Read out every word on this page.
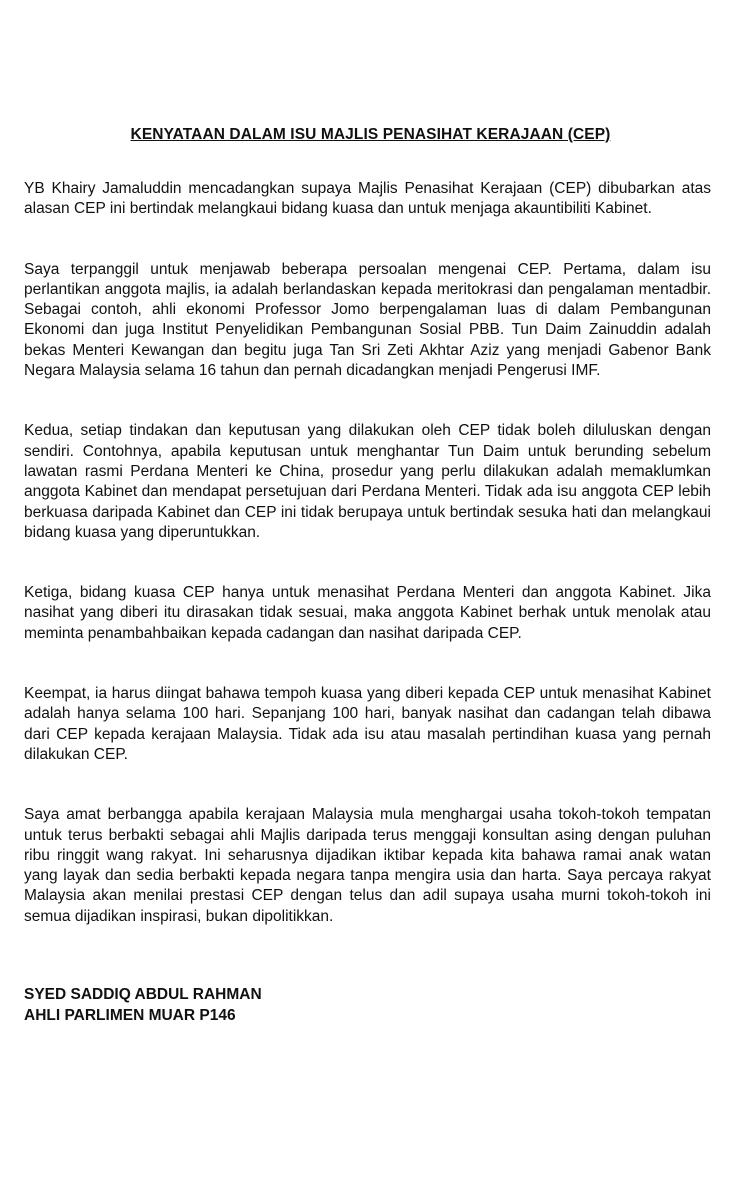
KENYATAAN DALAM ISU MAJLIS PENASIHAT KERAJAAN (CEP)

YB Khairy Jamaluddin mencadangkan supaya Majlis Penasihat Kerajaan (CEP) dibubarkan atas alasan CEP ini bertindak melangkaui bidang kuasa dan untuk menjaga akauntibiliti Kabinet.

Saya terpanggil untuk menjawab beberapa persoalan mengenai CEP. Pertama, dalam isu perlantikan anggota majlis, ia adalah berlandaskan kepada meritokrasi dan pengalaman mentadbir. Sebagai contoh, ahli ekonomi Professor Jomo berpengalaman luas di dalam Pembangunan Ekonomi dan juga Institut Penyelidikan Pembangunan Sosial PBB. Tun Daim Zainuddin adalah bekas Menteri Kewangan dan begitu juga Tan Sri Zeti Akhtar Aziz yang menjadi Gabenor Bank Negara Malaysia selama 16 tahun dan pernah dicadangkan menjadi Pengerusi IMF.

Kedua, setiap tindakan dan keputusan yang dilakukan oleh CEP tidak boleh diluluskan dengan sendiri. Contohnya, apabila keputusan untuk menghantar Tun Daim untuk berunding sebelum lawatan rasmi Perdana Menteri ke China, prosedur yang perlu dilakukan adalah memaklumkan anggota Kabinet dan mendapat persetujuan dari Perdana Menteri. Tidak ada isu anggota CEP lebih berkuasa daripada Kabinet dan CEP ini tidak berupaya untuk bertindak sesuka hati dan melangkaui bidang kuasa yang diperuntukkan.

Ketiga, bidang kuasa CEP hanya untuk menasihat Perdana Menteri dan anggota Kabinet. Jika nasihat yang diberi itu dirasakan tidak sesuai, maka anggota Kabinet berhak untuk menolak atau meminta penambahbaikan kepada cadangan dan nasihat daripada CEP.

Keempat, ia harus diingat bahawa tempoh kuasa yang diberi kepada CEP untuk menasihat Kabinet adalah hanya selama 100 hari. Sepanjang 100 hari, banyak nasihat dan cadangan telah dibawa dari CEP kepada kerajaan Malaysia. Tidak ada isu atau masalah pertindihan kuasa yang pernah dilakukan CEP.

Saya amat berbangga apabila kerajaan Malaysia mula menghargai usaha tokoh-tokoh tempatan untuk terus berbakti sebagai ahli Majlis daripada terus menggaji konsultan asing dengan puluhan ribu ringgit wang rakyat. Ini seharusnya dijadikan iktibar kepada kita bahawa ramai anak watan yang layak dan sedia berbakti kepada negara tanpa mengira usia dan harta. Saya percaya rakyat Malaysia akan menilai prestasi CEP dengan telus dan adil supaya usaha murni tokoh-tokoh ini semua dijadikan inspirasi, bukan dipolitikkan.

SYED SADDIQ ABDUL RAHMAN
AHLI PARLIMEN MUAR P146
